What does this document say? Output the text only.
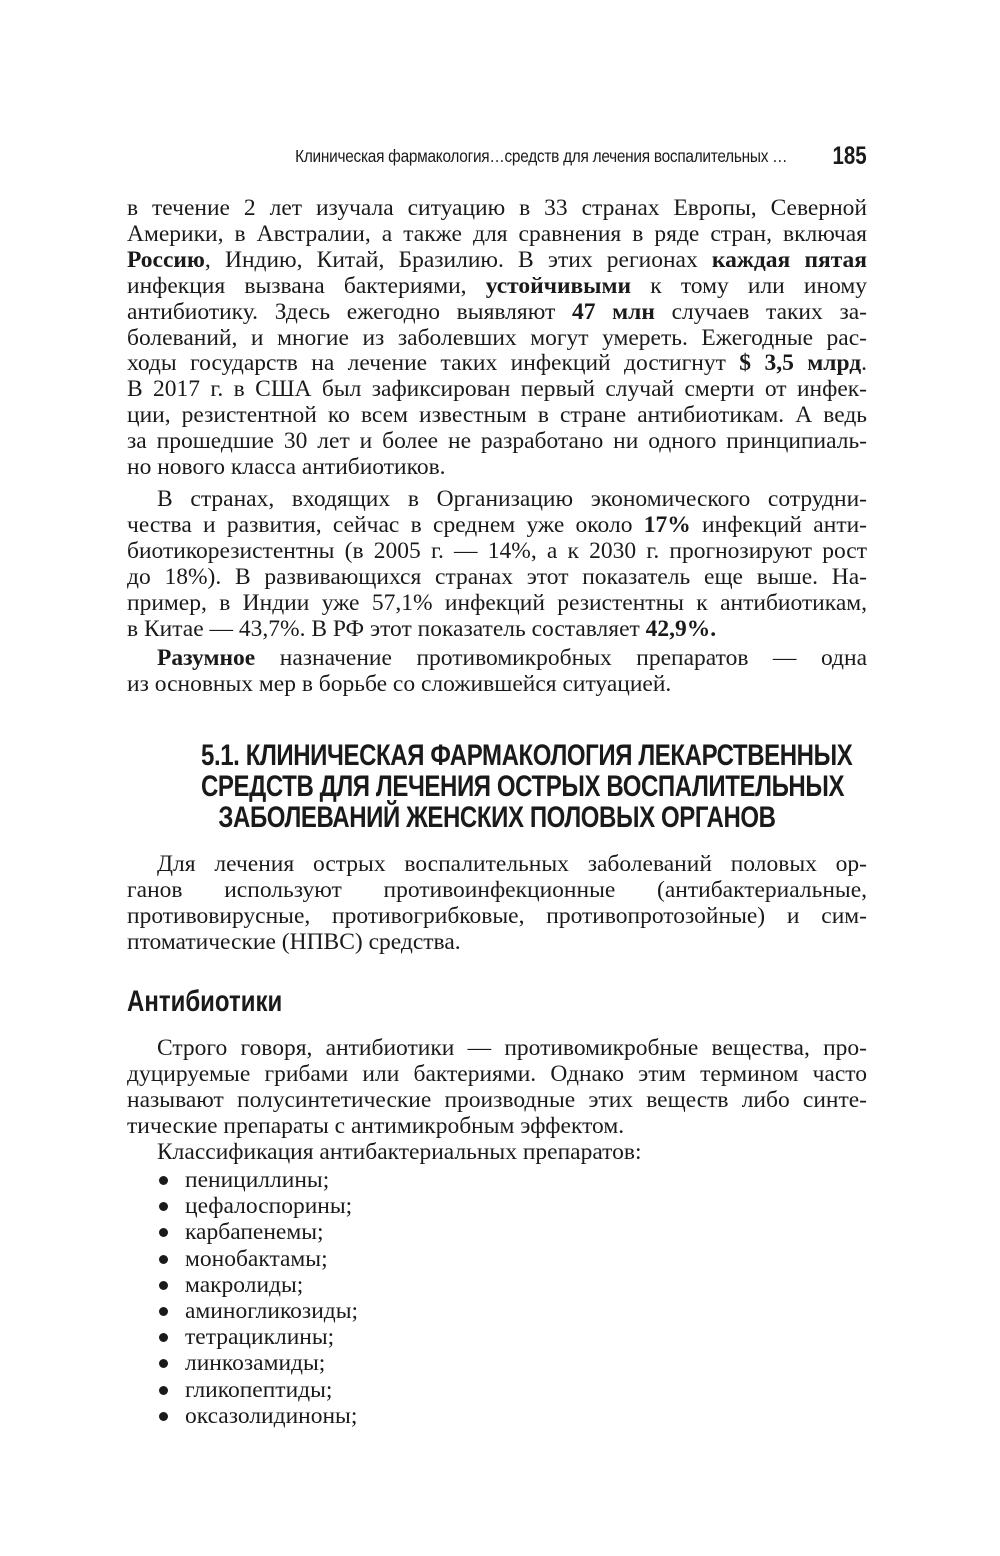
Клиническая фармакология…средств для лечения воспалительных … 185
в течение 2 лет изучала ситуацию в 33 странах Европы, Северной
Америки, в Австралии, а также для сравнения в ряде стран, включая
Россию, Индию, Китай, Бразилию. В этих регионах каждая пятая
инфекция вызвана бактериями, устойчивыми к тому или иному
антибиотику. Здесь ежегодно выявляют 47 млн случаев таких за-
болеваний, и многие из заболевших могут умереть. Ежегодные рас-
ходы государств на лечение таких инфекций достигнут $ 3,5 млрд.
В 2017 г. в США был зафиксирован первый случай смерти от инфек-
ции, резистентной ко всем известным в стране антибиотикам. А ведь
за прошедшие 30 лет и более не разработано ни одного принципиаль-
но нового класса антибиотиков.
В странах, входящих в Организацию экономического сотрудни-
чества и развития, сейчас в среднем уже около 17% инфекций анти-
биотикорезистентны (в 2005 г. — 14%, а к 2030 г. прогнозируют рост
до 18%). В развивающихся странах этот показатель еще выше. На-
пример, в Индии уже 57,1% инфекций резистентны к антибиотикам,
в Китае — 43,7%. В РФ этот показатель составляет 42,9%.
Разумное назначение противомикробных препаратов — одна
из основных мер в борьбе со сложившейся ситуацией.
5.1. КЛИНИЧЕСКАЯ ФАРМАКОЛОГИЯ ЛЕКАРСТВЕННЫХ
СРЕДСТВ ДЛЯ ЛЕЧЕНИЯ ОСТРЫХ ВОСПАЛИТЕЛЬНЫХ
ЗАБОЛЕВАНИЙ ЖЕНСКИХ ПОЛОВЫХ ОРГАНОВ
Для лечения острых воспалительных заболеваний половых ор-
ганов используют противоинфекционные (антибактериальные,
противовирусные, противогрибковые, противопротозойные) и сим-
птоматические (НПВС) средства.
Антибиотики
Строго говоря, антибиотики — противомикробные вещества, про-
дуцируемые грибами или бактериями. Однако этим термином часто
называют полусинтетические производные этих веществ либо синте-
тические препараты с антимикробным эффектом.
Классификация антибактериальных препаратов:
пенициллины;
цефалоспорины;
карбапенемы;
монобактамы;
макролиды;
аминогликозиды;
тетрациклины;
линкозамиды;
гликопептиды;
оксазолидиноны;
